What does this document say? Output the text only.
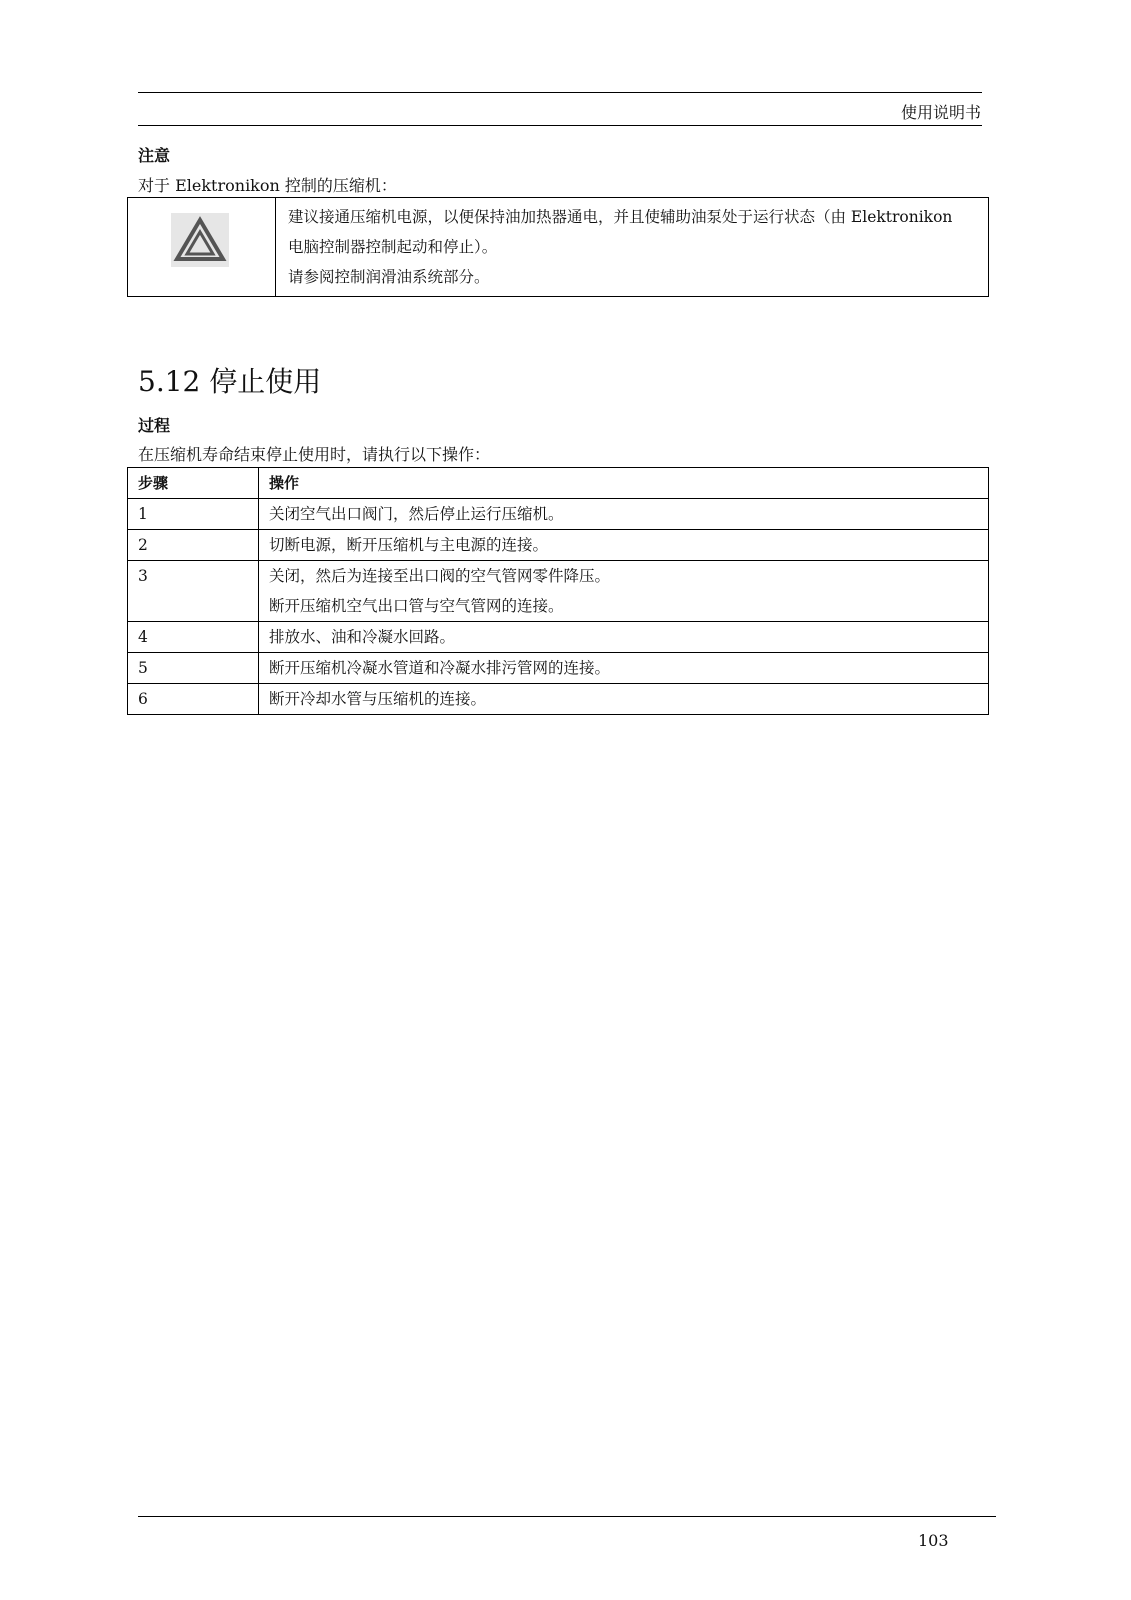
使用说明书
注意
对于 Elektronikon 控制的压缩机：

建议接通压缩机电源，以便保持油加热器通电，并且使辅助油泵处于运行状态（由 Elektronikon
电脑控制器控制起动和停止）。
请参阅控制润滑油系统部分。
5.12 停止使用
过程
在压缩机寿命结束停止使用时，请执行以下操作：
步骤	操作
1	关闭空气出口阀门，然后停止运行压缩机。

2	切断电源，断开压缩机与主电源的连接。

3	关闭，然后为连接至出口阀的空气管网零件降压。
断开压缩机空气出口管与空气管网的连接。

4	排放水、油和冷凝水回路。

5	断开压缩机冷凝水管道和冷凝水排污管网的连接。

6	断开冷却水管与压缩机的连接。
103
